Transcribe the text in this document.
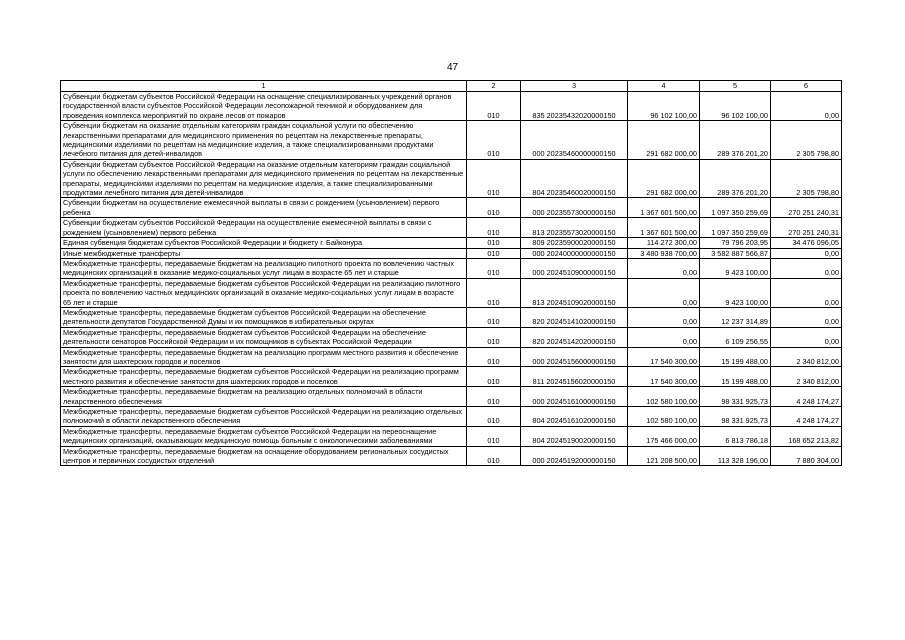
47
1	2	3	4	5	6
Субвенции бюджетам субъектов Российской Федерации на оснащение специализированных учреждений органов государственной власти субъектов Российской Федерации лесопожарной техникой и оборудованием для проведения комплекса мероприятий по охране лесов от пожаров	010	835 20235432020000150	96 102 100,00	96 102 100,00	0,00
Субвенции бюджетам на оказание отдельным категориям граждан социальной услуги по обеспечению лекарственными препаратами для медицинского применения по рецептам на лекарственные препараты, медицинскими изделиями по рецептам на медицинские изделия, а также специализированными продуктами лечебного питания для детей-инвалидов	010	000 20235460000000150	291 682 000,00	289 376 201,20	2 305 798,80
Субвенции бюджетам субъектов Российской Федерации на оказание отдельным категориям граждан социальной услуги по обеспечению лекарственными препаратами для медицинского применения по рецептам на лекарственные препараты, медицинскими изделиями по рецептам на медицинские изделия, а также специализированными продуктами лечебного питания для детей-инвалидов	010	804 20235460020000150	291 682 000,00	289 376 201,20	2 305 798,80
Субвенции бюджетам на осуществление ежемесячной выплаты в связи с рождением (усыновлением) первого ребенка	010	000 20235573000000150	1 367 601 500,00	1 097 350 259,69	270 251 240,31
Субвенции бюджетам субъектов Российской Федерации на осуществление ежемесячной выплаты в связи с рождением (усыновлением) первого ребенка	010	813 20235573020000150	1 367 601 500,00	1 097 350 259,69	270 251 240,31
Единая субвенция бюджетам субъектов Российской Федерации и бюджету г. Байконура	010	809 20235900020000150	114 272 300,00	79 796 203,95	34 476 096,05
Иные межбюджетные трансферты	010	000 20240000000000150	3 480 938 700,00	3 582 887 566,87	0,00
Межбюджетные трансферты, передаваемые бюджетам на реализацию пилотного проекта по вовлечению частных медицинских организаций в оказание медико-социальных услуг лицам в возрасте 65 лет и старше	010	000 20245109000000150	0,00	9 423 100,00	0,00
Межбюджетные трансферты, передаваемые бюджетам субъектов Российской Федерации на реализацию пилотного проекта по вовлечению частных медицинских организаций в оказание медико-социальных услуг лицам в возрасте 65 лет и старше	010	813 20245109020000150	0,00	9 423 100,00	0,00
Межбюджетные трансферты, передаваемые бюджетам субъектов Российской Федерации на обеспечение деятельности депутатов Государственной Думы и их помощников в избирательных округах	010	820 20245141020000150	0,00	12 237 314,89	0,00
Межбюджетные трансферты, передаваемые бюджетам субъектов Российской Федерации на обеспечение деятельности сенаторов Российской Федерации и их помощников в субъектах Российской Федерации	010	820 20245142020000150	0,00	6 109 256,55	0,00
Межбюджетные трансферты, передаваемые бюджетам на реализацию программ местного развития и обеспечение занятости для шахтерских городов и поселков	010	000 20245156000000150	17 540 300,00	15 199 488,00	2 340 812,00
Межбюджетные трансферты, передаваемые бюджетам субъектов Российской Федерации на реализацию программ местного развития и обеспечение занятости для шахтерских городов и поселков	010	811 20245156020000150	17 540 300,00	15 199 488,00	2 340 812,00
Межбюджетные трансферты, передаваемые бюджетам на реализацию отдельных полномочий в области лекарственного обеспечения	010	000 20245161000000150	102 580 100,00	98 331 925,73	4 248 174,27
Межбюджетные трансферты, передаваемые бюджетам субъектов Российской Федерации на реализацию отдельных полномочий в области лекарственного обеспечения	010	804 20245161020000150	102 580 100,00	98 331 925,73	4 248 174,27
Межбюджетные трансферты, передаваемые бюджетам субъектов Российской Федерации на переоснащение медицинских организаций, оказывающих медицинскую помощь больным с онкологическими заболеваниями	010	804 20245190020000150	175 466 000,00	6 813 786,18	168 652 213,82
Межбюджетные трансферты, передаваемые бюджетам на оснащение оборудованием региональных сосудистых центров и первичных сосудистых отделений	010	000 20245192000000150	121 208 500,00	113 328 196,00	7 880 304,00
